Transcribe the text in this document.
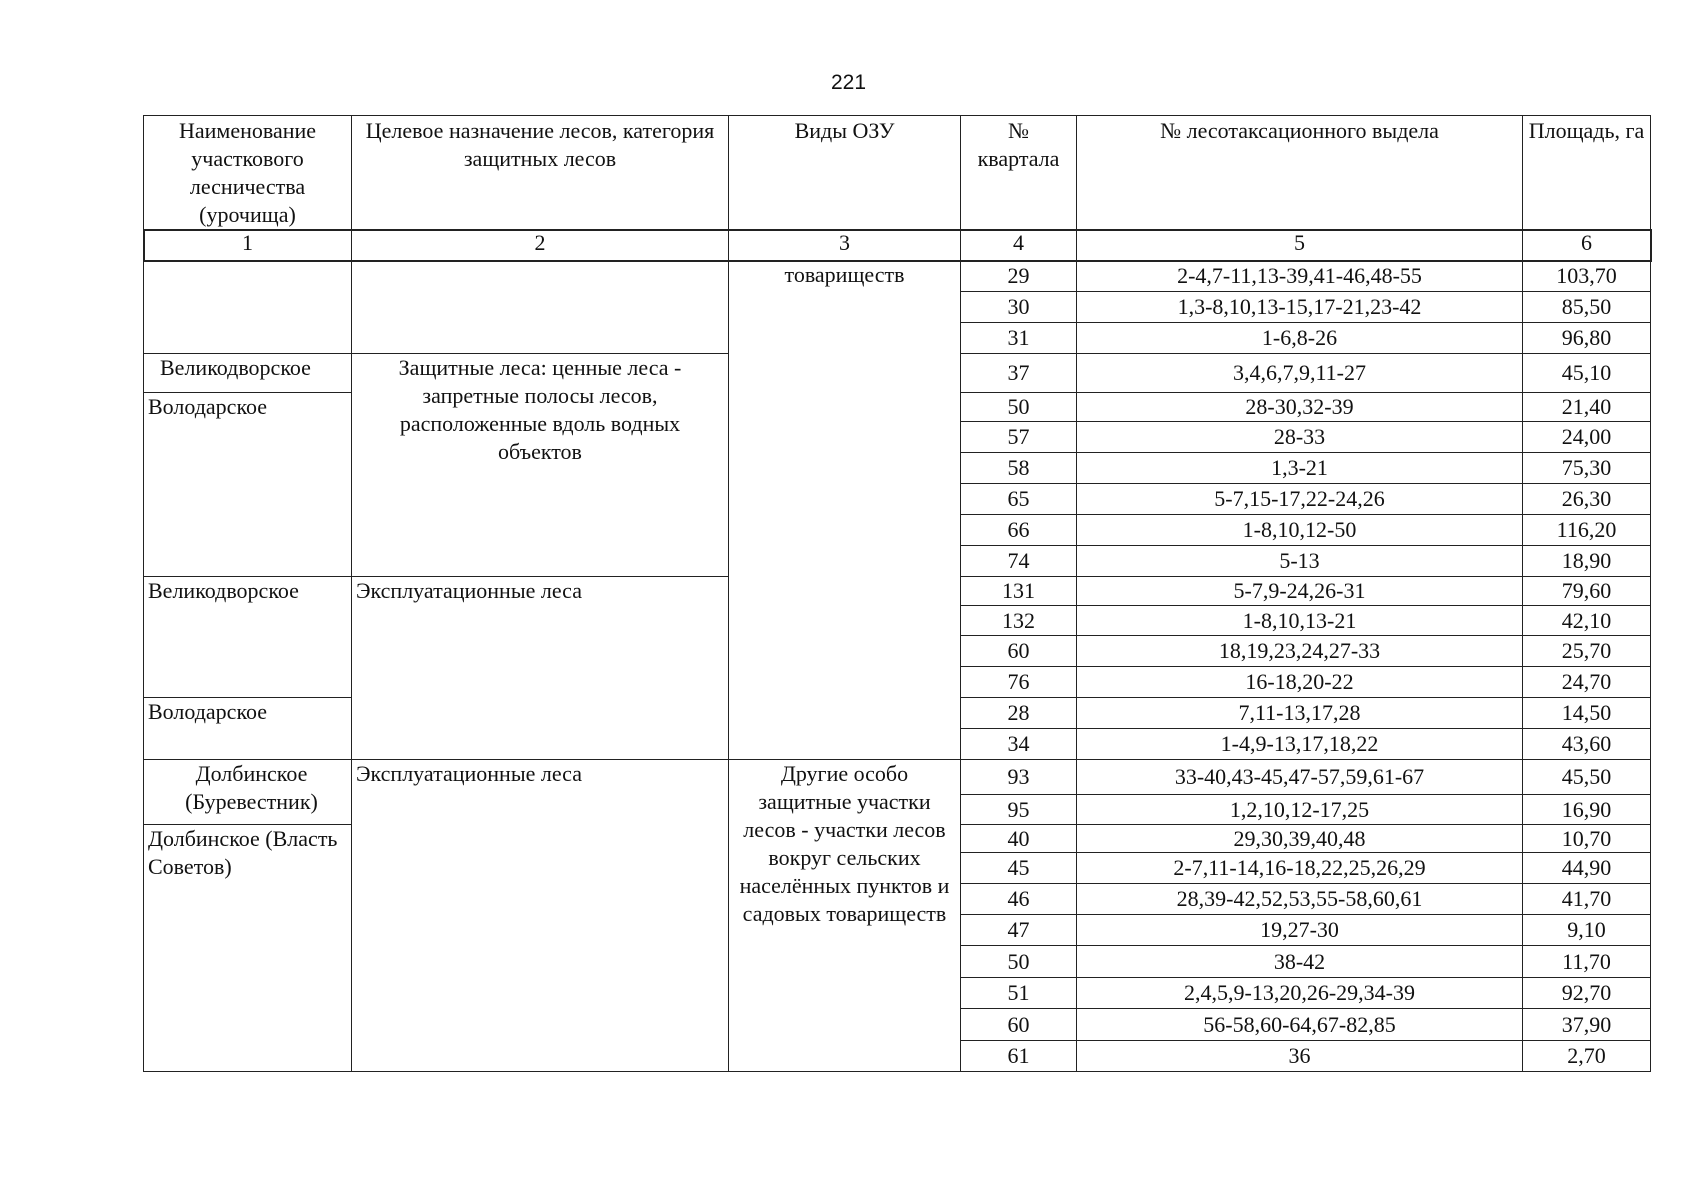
221
Наименование участкового лесничества (урочища)	Целевое назначение лесов, категория защитных лесов	Виды ОЗУ	№ квартала	№ лесотаксационного выдела	Площадь, га
1	2	3	4	5	6
		товариществ	29	2-4,7-11,13-39,41-46,48-55	103,70
			30	1,3-8,10,13-15,17-21,23-42	85,50
			31	1-6,8-26	96,80
Великодворское	Защитные леса: ценные леса - запретные полосы лесов, расположенные вдоль водных объектов		37	3,4,6,7,9,11-27	45,10
Володарское			50	28-30,32-39	21,40
			57	28-33	24,00
			58	1,3-21	75,30
			65	5-7,15-17,22-24,26	26,30
			66	1-8,10,12-50	116,20
			74	5-13	18,90
Великодворское	Эксплуатационные леса		131	5-7,9-24,26-31	79,60
			132	1-8,10,13-21	42,10
			60	18,19,23,24,27-33	25,70
			76	16-18,20-22	24,70
Володарское			28	7,11-13,17,28	14,50
			34	1-4,9-13,17,18,22	43,60
Долбинское (Буревестник)	Эксплуатационные леса	Другие особо защитные участки лесов - участки лесов вокруг сельских населённых пунктов и садовых товариществ	93	33-40,43-45,47-57,59,61-67	45,50
			95	1,2,10,12-17,25	16,90
Долбинское (Власть Советов)			40	29,30,39,40,48	10,70
			45	2-7,11-14,16-18,22,25,26,29	44,90
			46	28,39-42,52,53,55-58,60,61	41,70
			47	19,27-30	9,10
			50	38-42	11,70
			51	2,4,5,9-13,20,26-29,34-39	92,70
			60	56-58,60-64,67-82,85	37,90
			61	36	2,70
